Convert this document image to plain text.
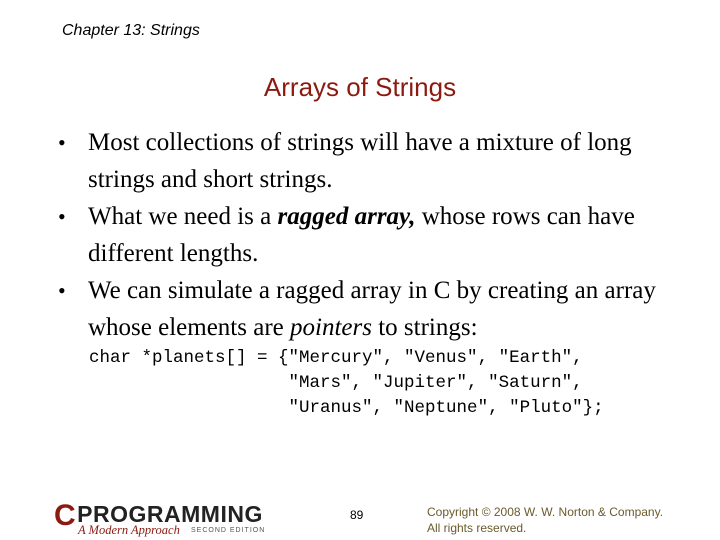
Chapter 13: Strings
Arrays of Strings
• Most collections of strings will have a mixture of long strings and short strings.
• What we need is a ragged array, whose rows can have different lengths.
• We can simulate a ragged array in C by creating an array whose elements are pointers to strings:
char *planets[] = {"Mercury", "Venus", "Earth",
"Mars", "Jupiter", "Saturn",
"Uranus", "Neptune", "Pluto"};
CPROGRAMMING
A Modern Approach SECOND EDITION
89	Copyright © 2008 W. W. Norton & Company.
All rights reserved.
